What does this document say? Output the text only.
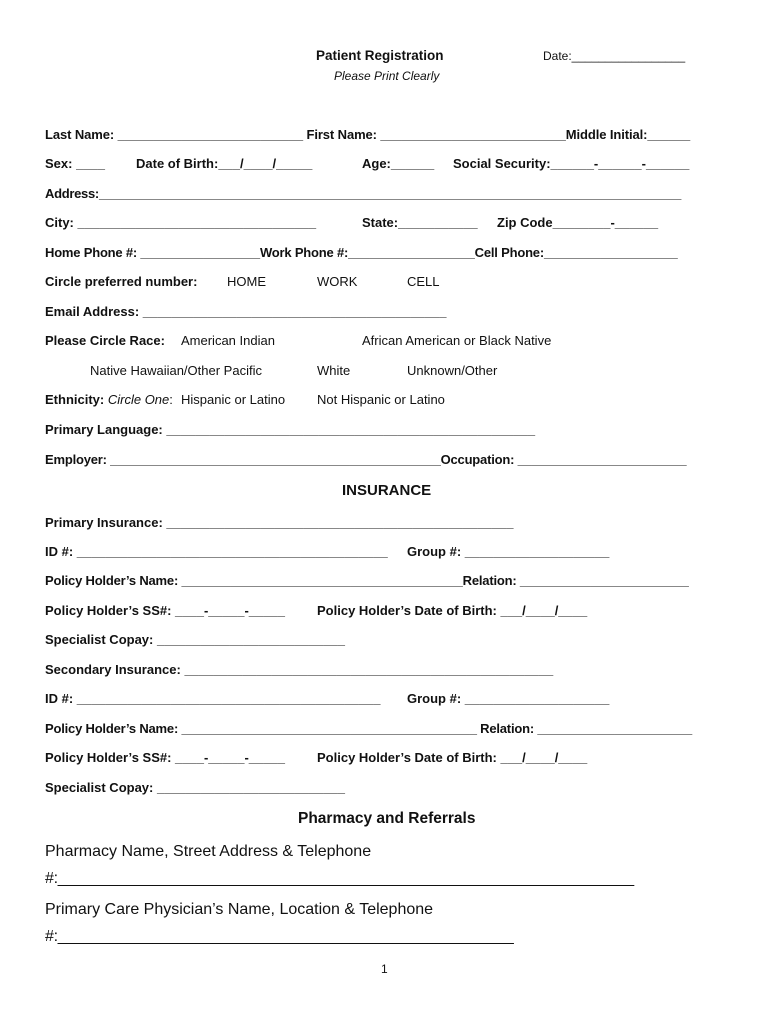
Patient Registration	Date:_________________
Please Print Clearly
Last Name: __________________________ First Name: __________________________Middle Initial:______
Sex: ____ Date of Birth:___/____/_____	Age:______ Social Security:______-______-______
Address:____________________________________________________________________________________
City: _________________________________	State:___________ Zip Code________-______
Home Phone #: _________________Work Phone #:__________________Cell Phone:___________________
Circle preferred number: HOME	WORK	CELL
Email Address: __________________________________________
Please Circle Race: American Indian	African American or Black Native
Native Hawaiian/Other Pacific	White	Unknown/Other
Ethnicity: Circle One: Hispanic or Latino Not Hispanic or Latino
Primary Language: ___________________________________________________
Employer: _______________________________________________Occupation: ________________________
INSURANCE
Primary Insurance: ________________________________________________
ID #: ___________________________________________ Group #: ____________________
Policy Holder’s Name: ________________________________________Relation: ________________________
Policy Holder’s SS#: ____-_____-_____ Policy Holder’s Date of Birth: ___/____/____
Specialist Copay: __________________________
Secondary Insurance: ___________________________________________________
ID #: __________________________________________ Group #: ____________________
Policy Holder’s Name: __________________________________________ Relation: ______________________
Policy Holder’s SS#: ____-_____-_____ Policy Holder’s Date of Birth: ___/____/____
Specialist Copay: __________________________
Pharmacy and Referrals
Pharmacy Name, Street Address & Telephone
#:___________________________________________________________________
Primary Care Physician’s Name, Location & Telephone
#:_____________________________________________________
1
